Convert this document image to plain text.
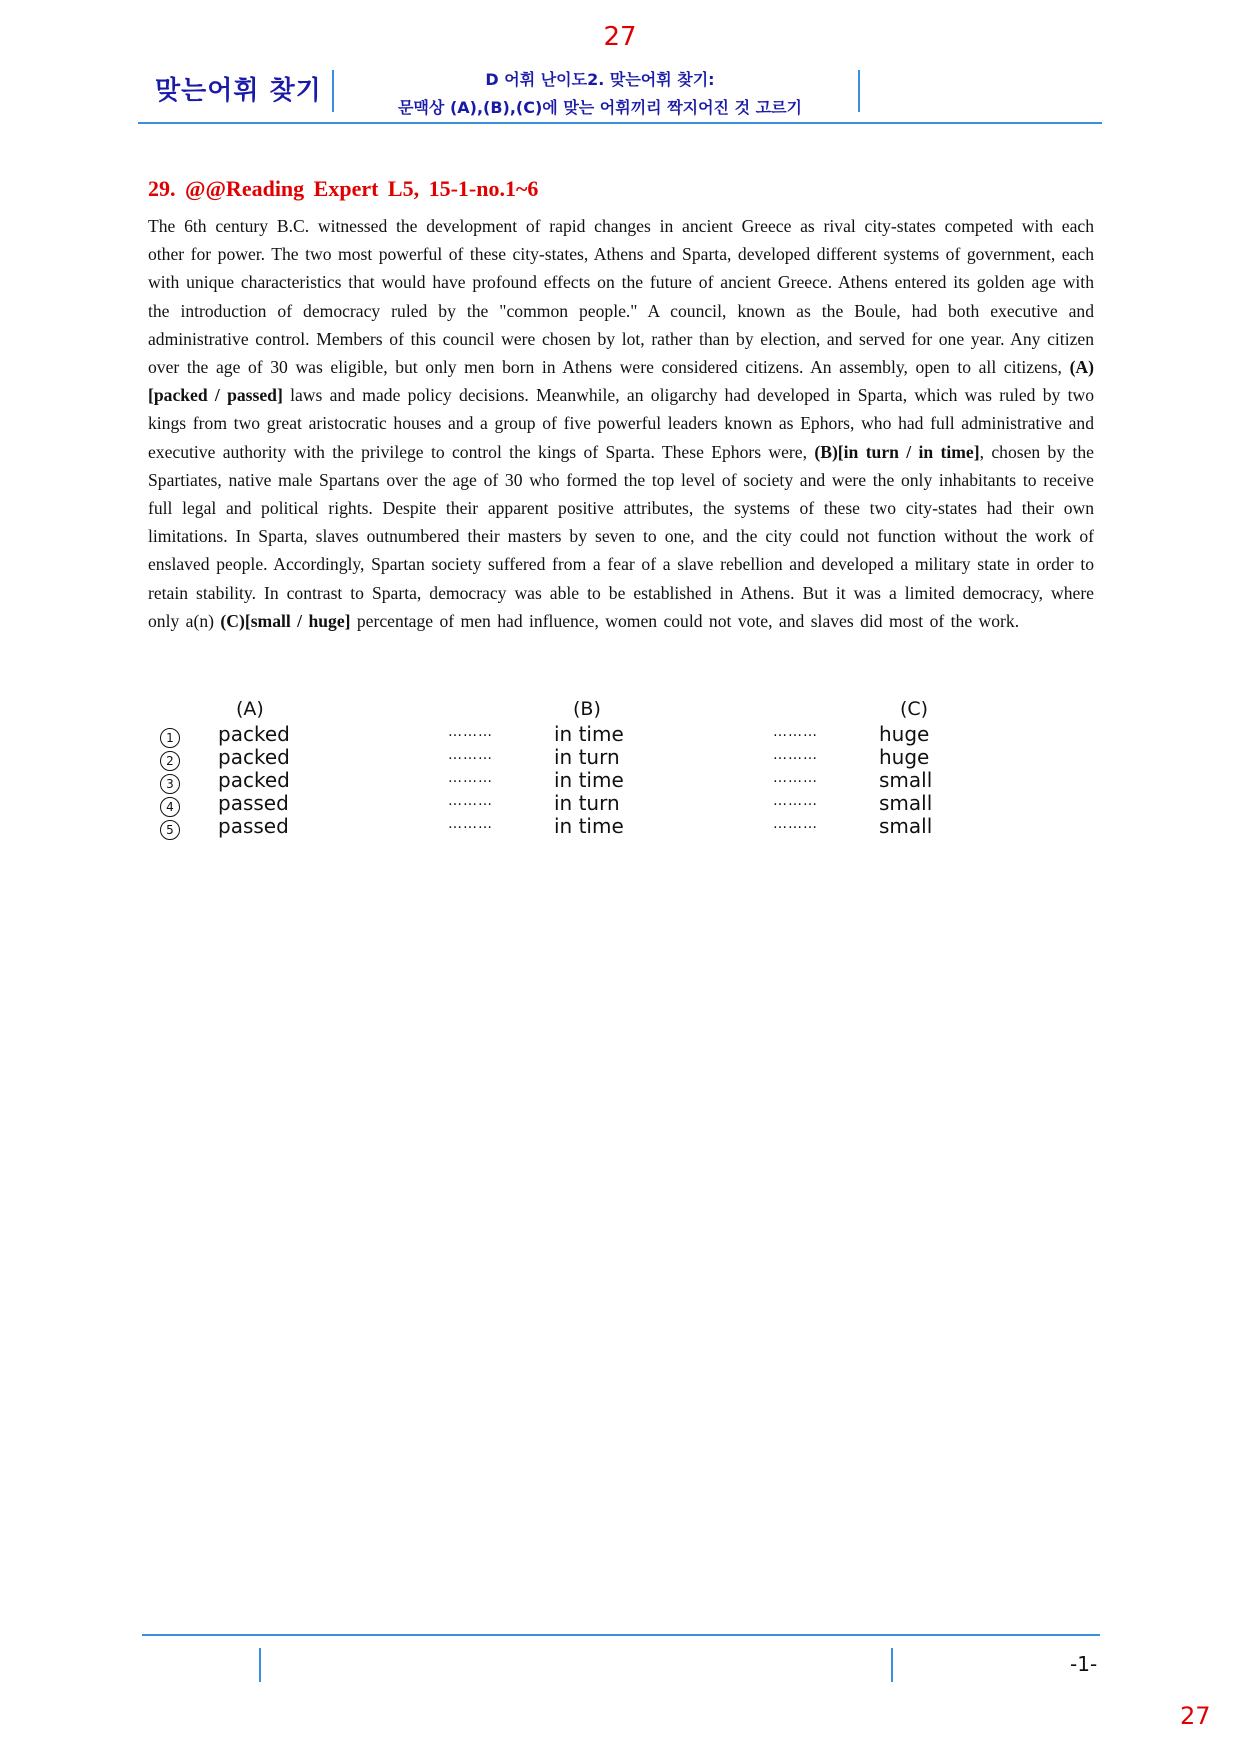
27
맞는어휘 찾기	D 어휘 난이도2. 맞는어휘 찾기:
문맥상 (A),(B),(C)에 맞는 어휘끼리 짝지어진 것 고르기
29. @@Reading Expert L5, 15-1-no.1~6

The 6th century B.C. witnessed the development of rapid changes in ancient Greece as rival city-states competed with each other for power. The two most powerful of these city-states, Athens and Sparta, developed different systems of government, each with unique characteristics that would have profound effects on the future of ancient Greece. Athens entered its golden age with the introduction of democracy ruled by the "common people." A council, known as the Boule, had both executive and administrative control. Members of this council were chosen by lot, rather than by election, and served for one year. Any citizen over the age of 30 was eligible, but only men born in Athens were considered citizens. An assembly, open to all citizens, (A)[packed / passed] laws and made policy decisions. Meanwhile, an oligarchy had developed in Sparta, which was ruled by two kings from two great aristocratic houses and a group of five powerful leaders known as Ephors, who had full administrative and executive authority with the privilege to control the kings of Sparta. These Ephors were, (B)[in turn / in time], chosen by the Spartiates, native male Spartans over the age of 30 who formed the top level of society and were the only inhabitants to receive full legal and political rights. Despite their apparent positive attributes, the systems of these two city-states had their own limitations. In Sparta, slaves outnumbered their masters by seven to one, and the city could not function without the work of enslaved people. Accordingly, Spartan society suffered from a fear of a slave rebellion and developed a military state in order to retain stability. In contrast to Sparta, democracy was able to be established in Athens. But it was a limited democracy, where only a(n) (C)[small / huge] percentage of men had influence, women could not vote, and slaves did most of the work.

(A)	(B)	(C)
1	packed	………	in time	………	huge
2	packed	………	in turn	………	huge
3	packed	………	in time	………	small
4	passed	………	in turn	………	small
5	passed	………	in time	………	small
-1-
27
